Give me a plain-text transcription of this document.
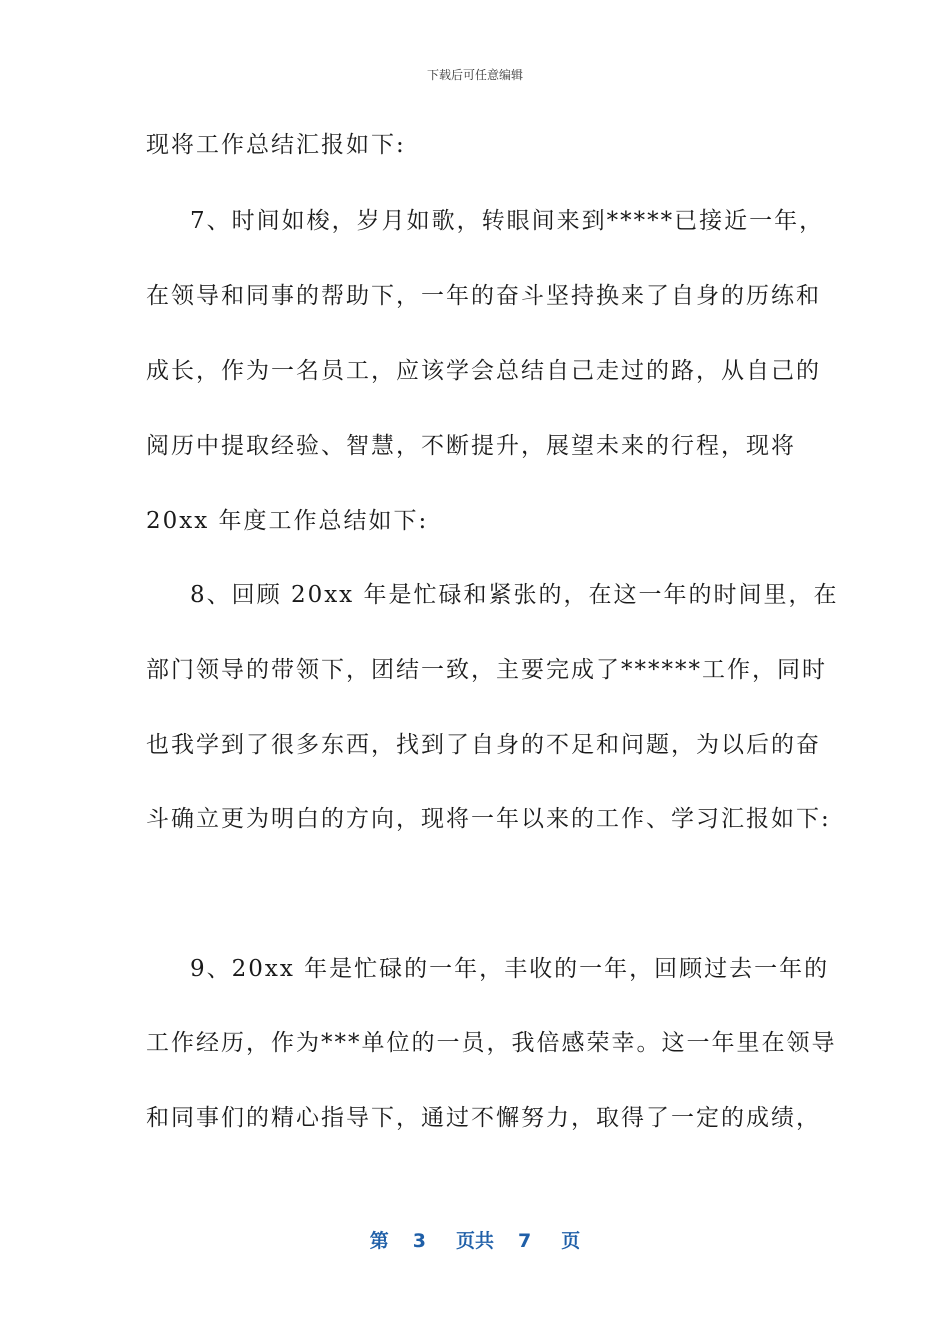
下载后可任意编辑
现将工作总结汇报如下:
7、时间如梭，岁月如歌，转眼间来到*****已接近一年，
在领导和同事的帮助下，一年的奋斗坚持换来了自身的历练和
成长，作为一名员工，应该学会总结自己走过的路，从自己的
阅历中提取经验、智慧，不断提升，展望未来的行程，现将
20xx 年度工作总结如下:
8、回顾 20xx 年是忙碌和紧张的，在这一年的时间里，在
部门领导的带领下，团结一致，主要完成了******工作，同时
也我学到了很多东西，找到了自身的不足和问题，为以后的奋
斗确立更为明白的方向，现将一年以来的工作、学习汇报如下:
9、20xx 年是忙碌的一年，丰收的一年，回顾过去一年的
工作经历，作为***单位的一员，我倍感荣幸。这一年里在领导
和同事们的精心指导下，通过不懈努力，取得了一定的成绩，
第 3 页共 7 页
